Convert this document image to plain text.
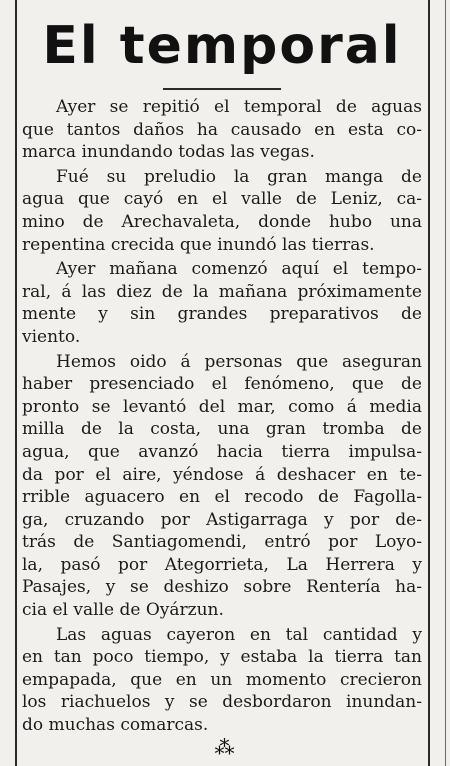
El temporal

Ayer se repitió el temporal de aguas
que tantos daños ha causado en esta co-
marca inundando todas las vegas.

Fué su preludio la gran manga de
agua que cayó en el valle de Leniz, ca-
mino de Arechavaleta, donde hubo una
repentina crecida que inundó las tierras.

Ayer mañana comenzó aquí el tempo-
ral, á las diez de la mañana próximamente
mente y sin grandes preparativos de
viento.

Hemos oido á personas que aseguran
haber presenciado el fenómeno, que de
pronto se levantó del mar, como á media
milla de la costa, una gran tromba de
agua, que avanzó hacia tierra impulsa-
da por el aire, yéndose á deshacer en te-
rrible aguacero en el recodo de Fagolla-
ga, cruzando por Astigarraga y por de-
trás de Santiagomendi, entró por Loyo-
la, pasó por Ategorrieta, La Herrera y
Pasajes, y se deshizo sobre Rentería ha-
cia el valle de Oyárzun.

Las aguas cayeron en tal cantidad y
en tan poco tiempo, y estaba la tierra tan
empapada, que en un momento crecieron
los riachuelos y se desbordaron inundan-
do muchas comarcas.

⁂
